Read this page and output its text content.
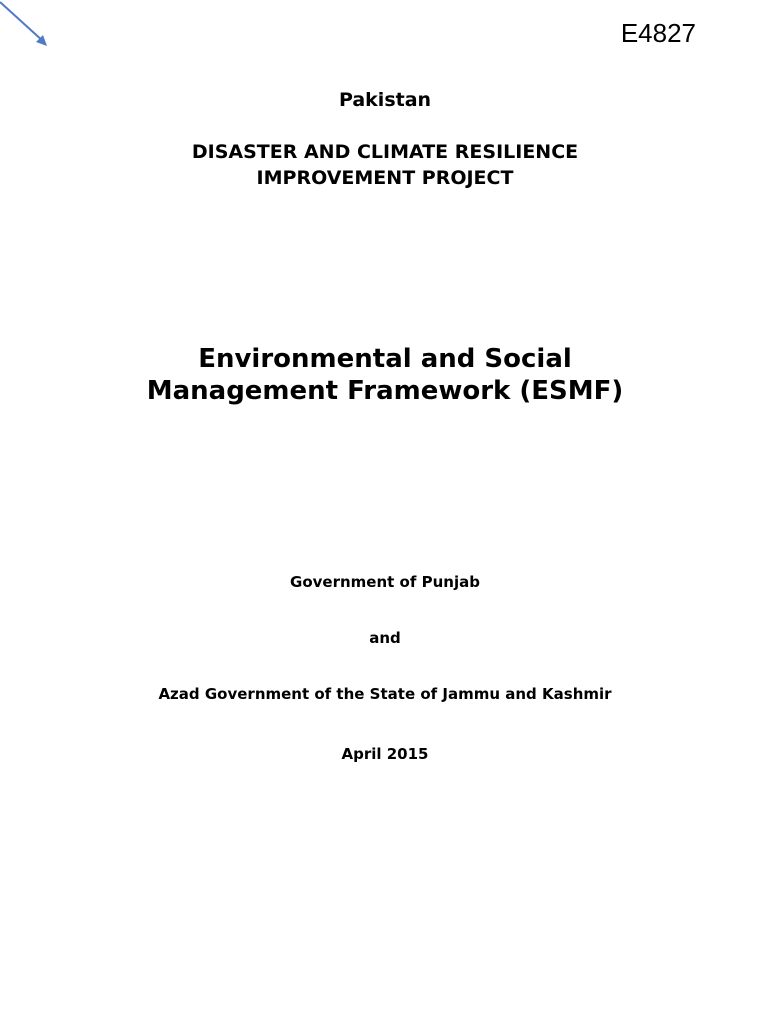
E4827
Pakistan
DISASTER AND CLIMATE RESILIENCE
IMPROVEMENT PROJECT
Environmental and Social
Management Framework (ESMF)
Government of Punjab
and
Azad Government of the State of Jammu and Kashmir
April 2015
